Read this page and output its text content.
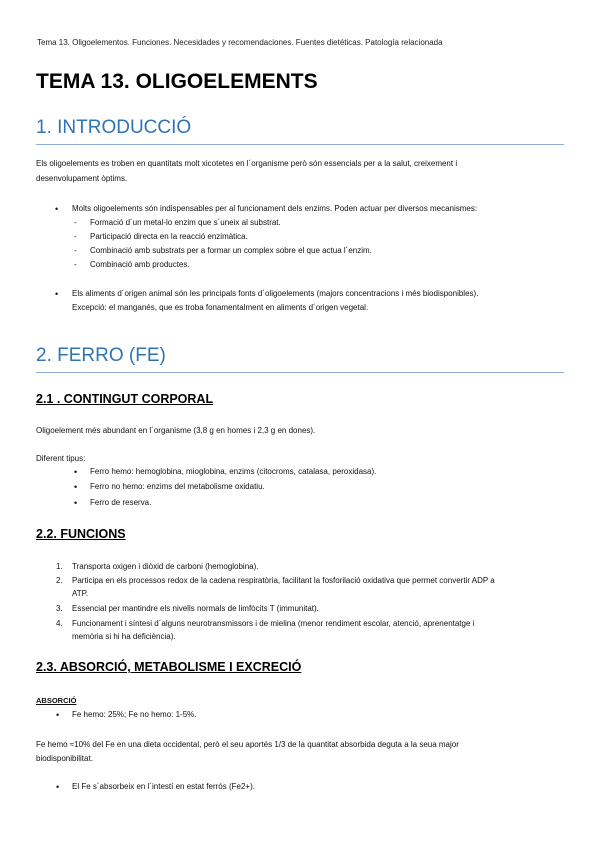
Tema 13. Oligoelementos. Funciones. Necesidades y recomendaciones. Fuentes dietéticas. Patología relacionada
TEMA 13. OLIGOELEMENTS
1. INTRODUCCIÓ
Els oligoelements es troben en quantitats molt xicotetes en l´organisme però són essencials per a la salut, creixement i
desenvolupament òptims.
• Molts oligoelements són indispensables per al funcionament dels enzims. Poden actuar per diversos mecanismes:
- Formació d´un metal-lo enzim que s´uneix al substrat.
- Participació directa en la reacció enzimàtica.
- Combinació amb substrats per a formar un complex sobre el que actua l´enzim.
- Combinació amb productes.
• Els aliments d´origen animal són les principals fonts d´oligoelements (majors concentracions i més biodisponibles).
Excepció: el manganés, que es troba fonamentalment en aliments d´origen vegetal.
2. FERRO (FE)
2.1 . CONTINGUT CORPORAL
Oligoelement més abundant en l´organisme (3,8 g en homes i 2,3 g en dones).
Diferent tipus:
• Ferro hemo: hemoglobina, mioglobina, enzims (citocroms, catalasa, peroxidasa).
• Ferro no hemo: enzims del metabolisme oxidatiu.
• Ferro de reserva.
2.2. FUNCIONS
1. Transporta oxigen i diòxid de carboni (hemoglobina).
2. Participa en els processos redox de la cadena respiratòria, facilitant la fosforilació oxidativa que permet convertir ADP a
ATP.
3. Essencial per mantindre els nivells normals de limfòcits T (immunitat).
4. Funcionament i síntesi d´alguns neurotransmissors i de mielina (menor rendiment escolar, atenció, aprenentatge i
memòria si hi ha deficiència).
2.3. ABSORCIÓ, METABOLISME I EXCRECIÓ
ABSORCIÓ
• Fe hemo: 25%; Fe no hemo: 1-5%.
Fe hemo ≈10% del Fe en una dieta occidental, però el seu aportés 1/3 de la quantitat absorbida deguta a la seua major
biodisponibilitat.
• El Fe s´absorbeix en l´intestí en estat ferrós (Fe2+).
